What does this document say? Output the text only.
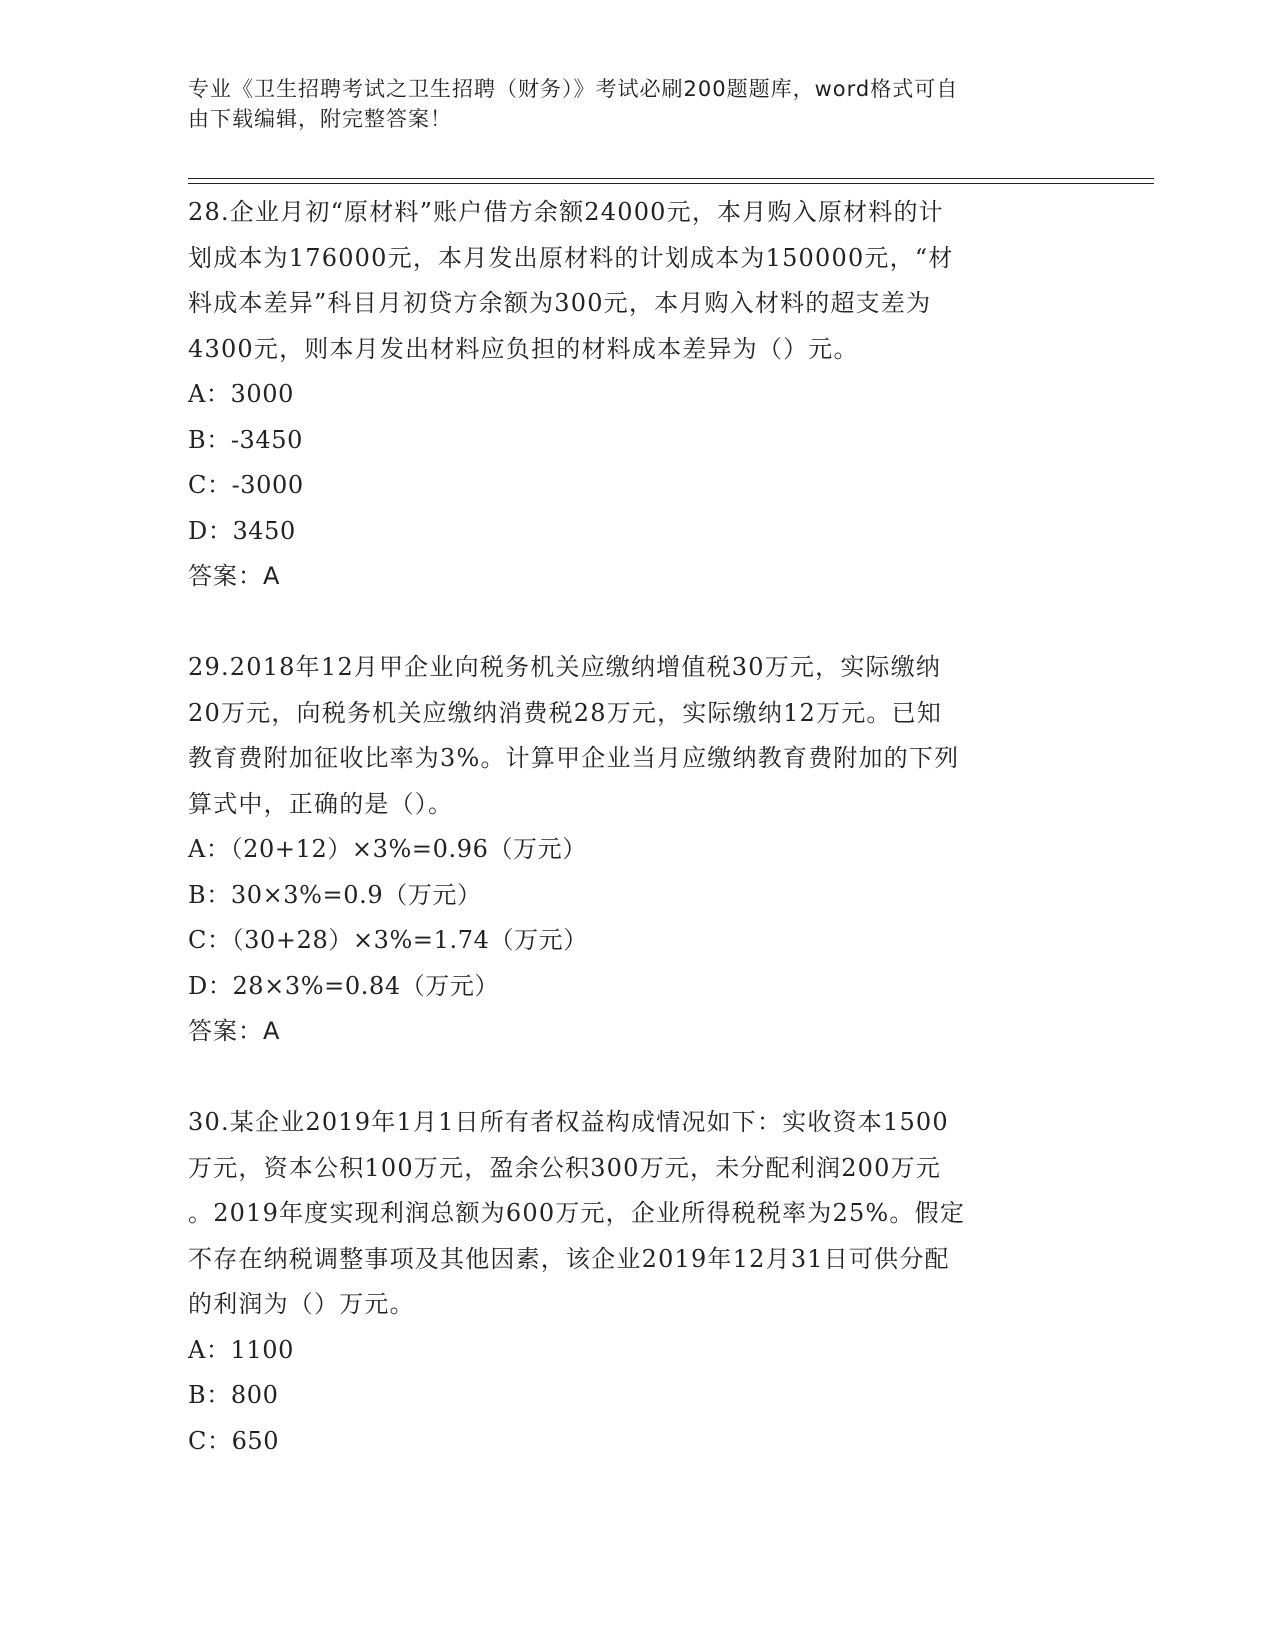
专业《卫生招聘考试之卫生招聘（财务）》考试必刷200题题库，word格式可自
由下载编辑，附完整答案！

28.企业月初“原材料”账户借方余额24000元，本月购入原材料的计

划成本为176000元，本月发出原材料的计划成本为150000元，“材

料成本差异”科目月初贷方余额为300元，本月购入材料的超支差为

4300元，则本月发出材料应负担的材料成本差异为（）元。

A：3000

B：-3450

C：-3000

D：3450

答案：A

29.2018年12月甲企业向税务机关应缴纳增值税30万元，实际缴纳

20万元，向税务机关应缴纳消费税28万元，实际缴纳12万元。已知

教育费附加征收比率为3%。计算甲企业当月应缴纳教育费附加的下列

算式中，正确的是（）。

A：（20+12）×3%=0.96（万元）

B：30×3%=0.9（万元）

C：（30+28）×3%=1.74（万元）

D：28×3%=0.84（万元）

答案：A

30.某企业2019年1月1日所有者权益构成情况如下：实收资本1500

万元，资本公积100万元，盈余公积300万元，未分配利润200万元

。2019年度实现利润总额为600万元，企业所得税税率为25%。假定

不存在纳税调整事项及其他因素，该企业2019年12月31日可供分配

的利润为（）万元。

A：1100

B：800

C：650
